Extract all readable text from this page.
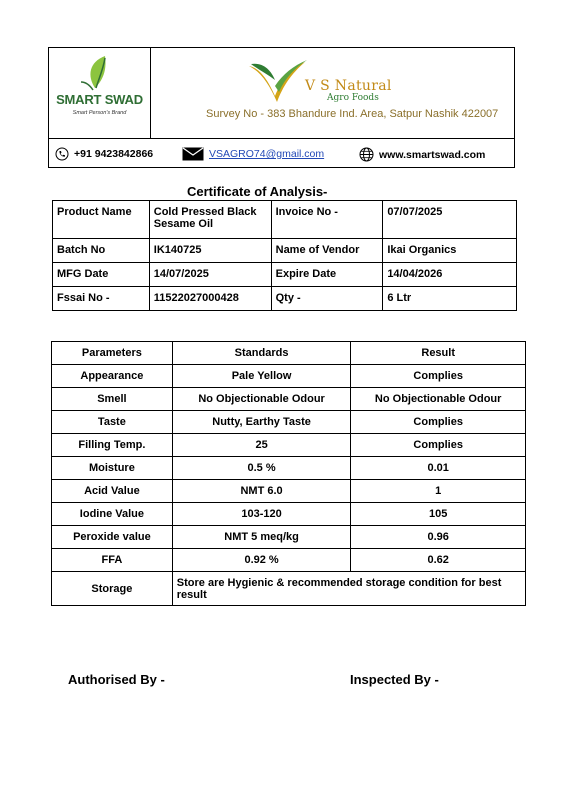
SMART SWAD
Smart Person's Brand
V S Natural
Agro Foods
Survey No - 383 Bhandure Ind. Area, Satpur Nashik 422007
+91 9423842866	VSAGRO74@gmail.com	www.smartswad.com
Certificate of Analysis-
Product Name	Cold Pressed Black Sesame Oil	Invoice No -	07/07/2025
Batch No	IK140725	Name of Vendor	Ikai Organics
MFG Date	14/07/2025	Expire Date	14/04/2026
Fssai No -	11522027000428	Qty -	6 Ltr
Parameters	Standards	Result
Appearance	Pale Yellow	Complies
Smell	No Objectionable Odour	No Objectionable Odour
Taste	Nutty, Earthy Taste	Complies
Filling Temp.	25	Complies
Moisture	0.5 %	0.01
Acid Value	NMT 6.0	1
Iodine Value	103-120	105
Peroxide value	NMT 5 meq/kg	0.96
FFA	0.92 %	0.62
Storage	Store are Hygienic & recommended storage condition for best result	
Authorised By -	Inspected By -
